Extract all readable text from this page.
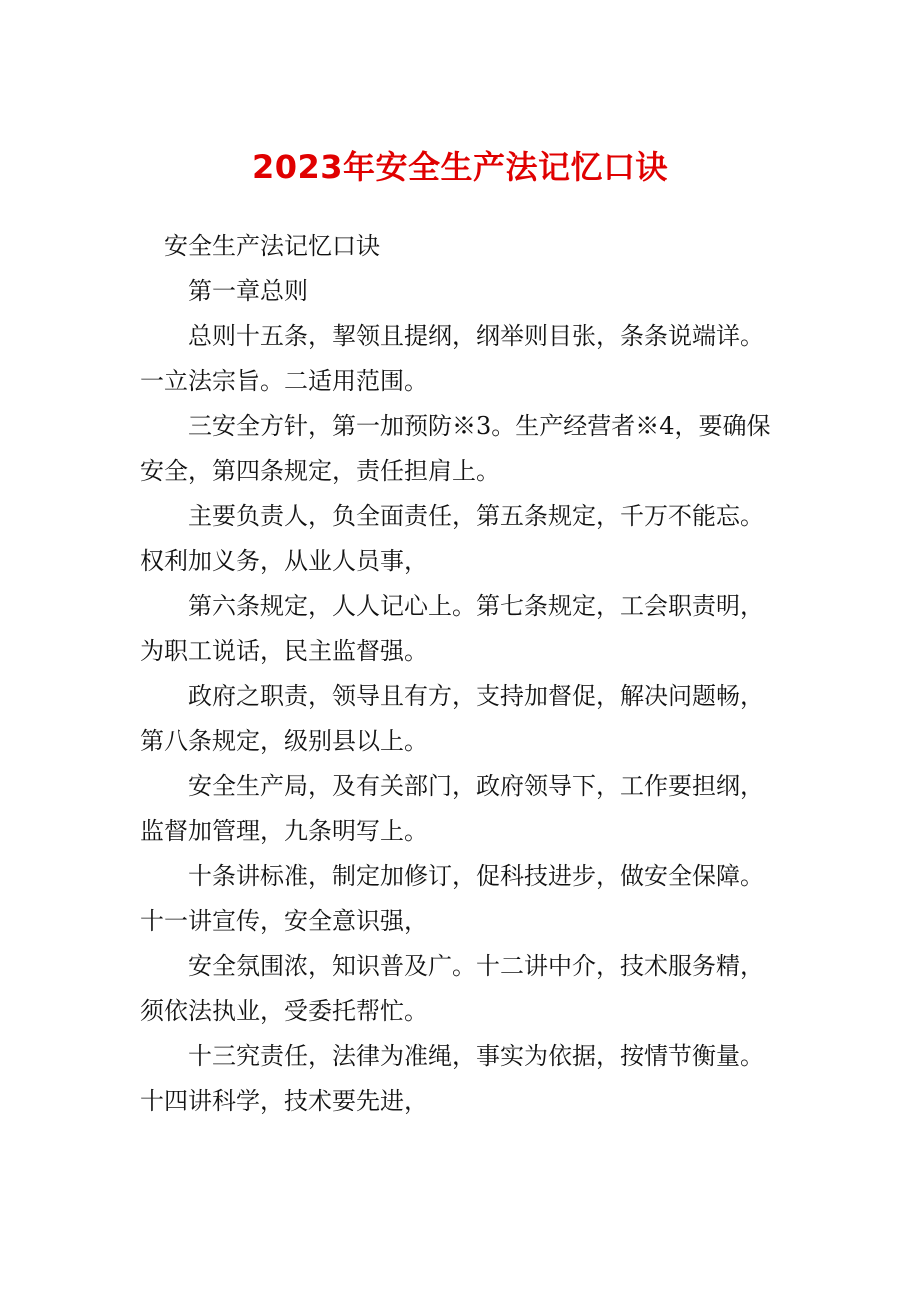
2023年安全生产法记忆口诀

安全生产法记忆口诀

第一章总则

总则十五条，挈领且提纲，纲举则目张，条条说端详。
一立法宗旨。二适用范围。

三安全方针，第一加预防※3。生产经营者※4，要确保
安全，第四条规定，责任担肩上。

主要负责人，负全面责任，第五条规定，千万不能忘。
权利加义务，从业人员事，

第六条规定，人人记心上。第七条规定，工会职责明，
为职工说话，民主监督强。

政府之职责，领导且有方，支持加督促，解决问题畅，
第八条规定，级别县以上。

安全生产局，及有关部门，政府领导下，工作要担纲，
监督加管理，九条明写上。

十条讲标准，制定加修订，促科技进步，做安全保障。
十一讲宣传，安全意识强，

安全氛围浓，知识普及广。十二讲中介，技术服务精，
须依法执业，受委托帮忙。

十三究责任，法律为准绳，事实为依据，按情节衡量。
十四讲科学，技术要先进，
